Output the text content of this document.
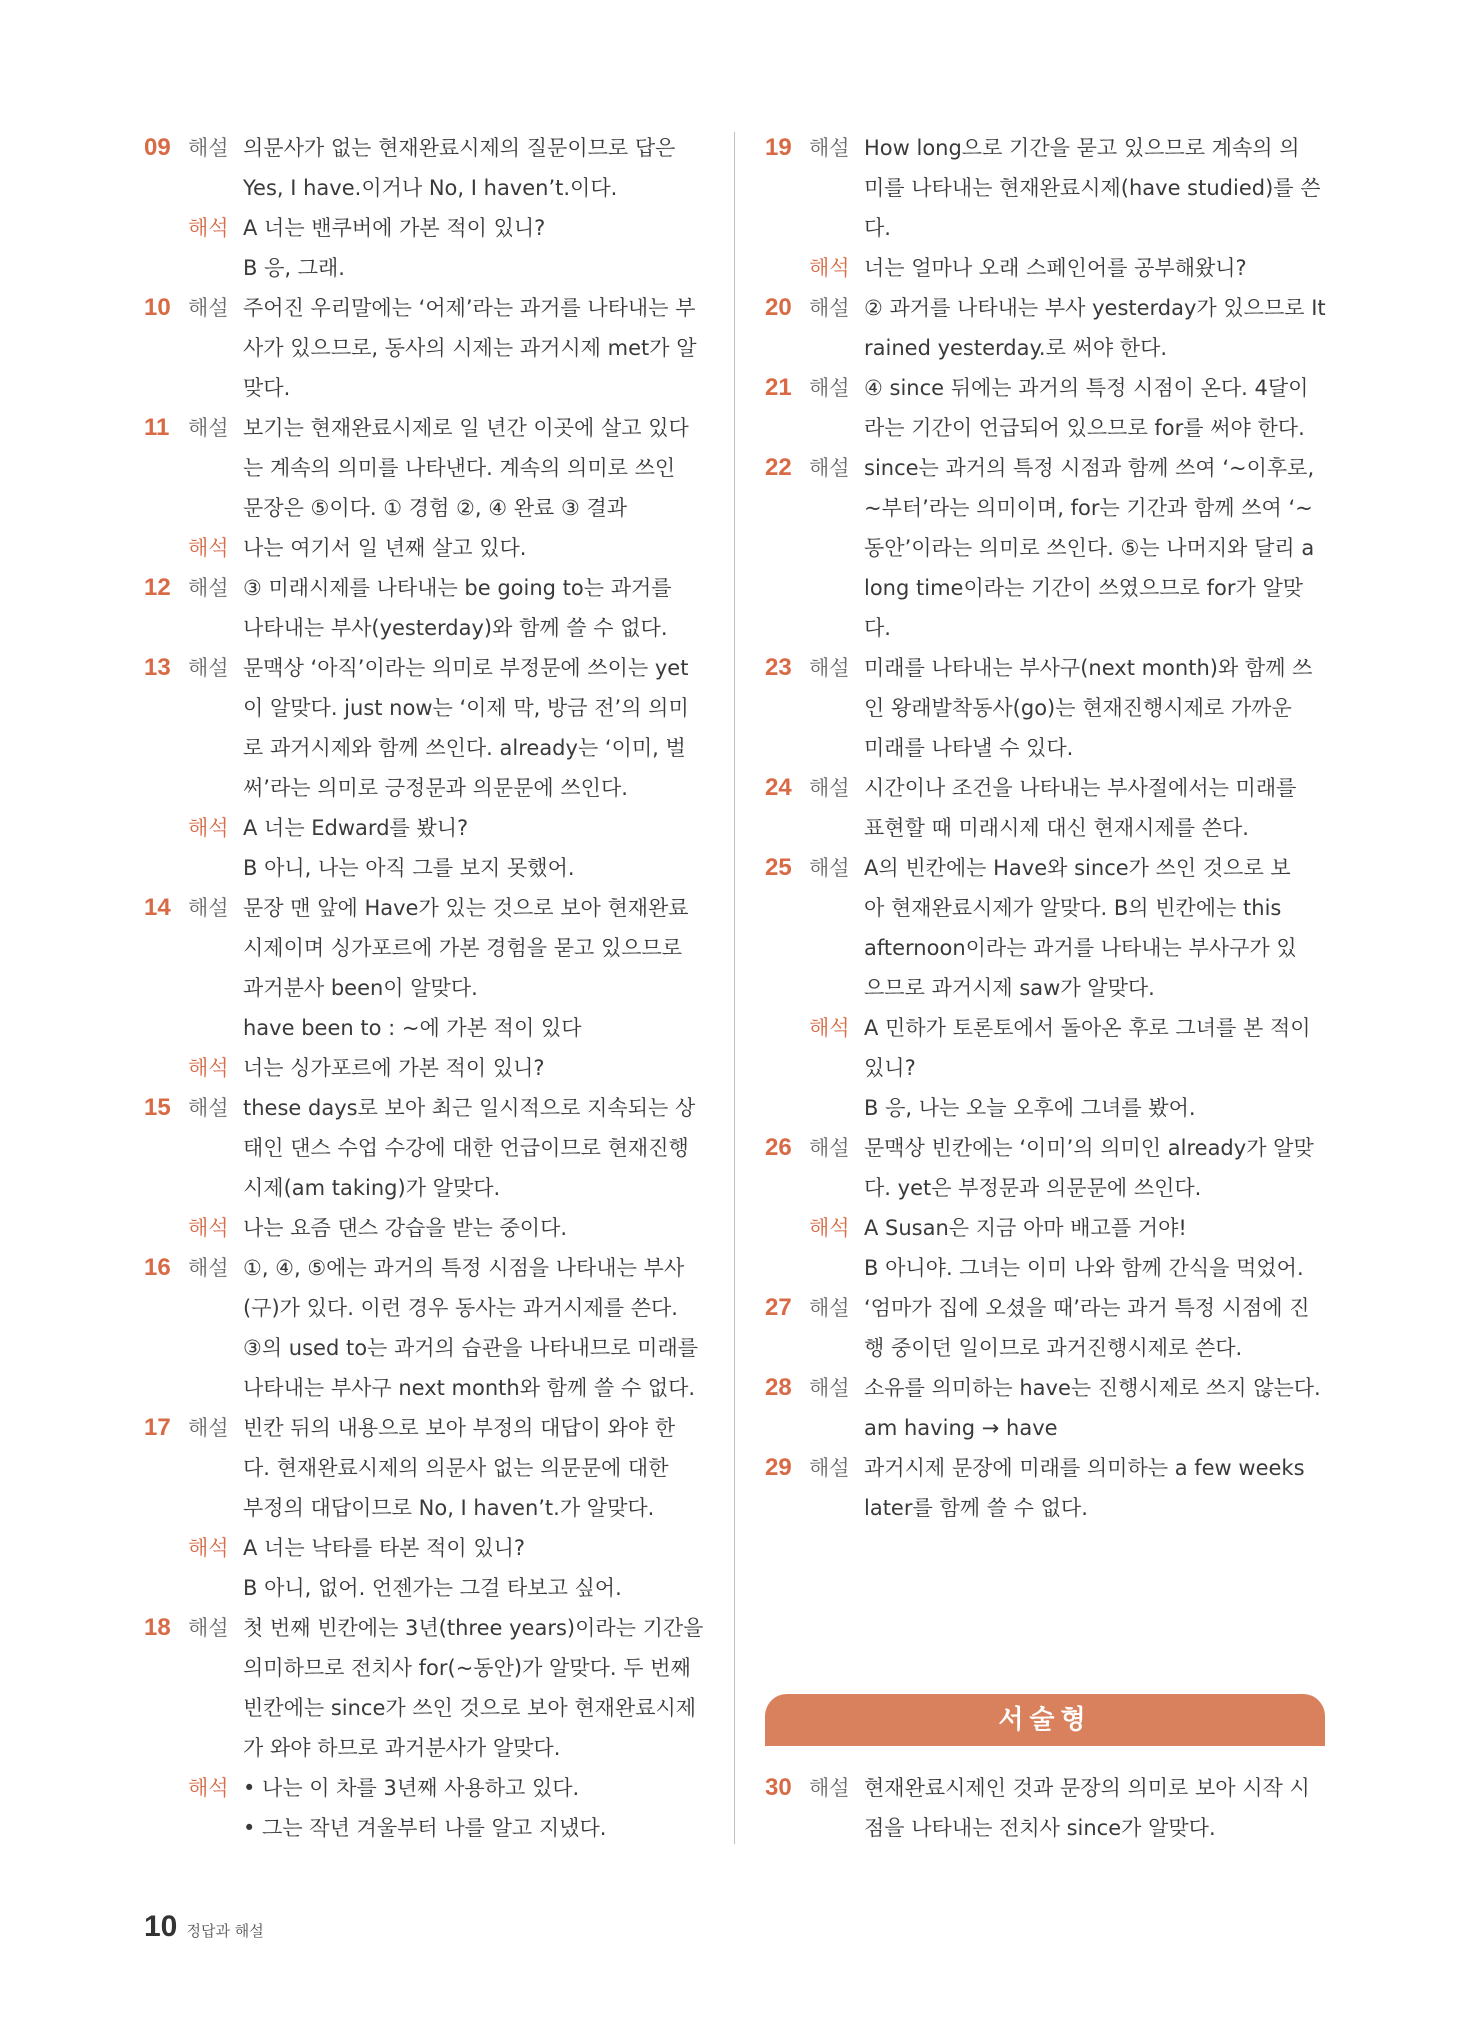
09 해설 의문사가 없는 현재완료시제의 질문이므로 답은
Yes, I have.이거나 No, I haven’t.이다.
해석 A 너는 밴쿠버에 가본 적이 있니?
B 응, 그래.
10 해설 주어진 우리말에는 ‘어제’라는 과거를 나타내는 부
사가 있으므로, 동사의 시제는 과거시제 met가 알
맞다.
11 해설 보기는 현재완료시제로 일 년간 이곳에 살고 있다
는 계속의 의미를 나타낸다. 계속의 의미로 쓰인
문장은 ⑤이다. ① 경험 ②, ④ 완료 ③ 결과
해석 나는 여기서 일 년째 살고 있다.
12 해설 ③ 미래시제를 나타내는 be going to는 과거를
나타내는 부사(yesterday)와 함께 쓸 수 없다.
13 해설 문맥상 ‘아직’이라는 의미로 부정문에 쓰이는 yet
이 알맞다. just now는 ‘이제 막, 방금 전’의 의미
로 과거시제와 함께 쓰인다. already는 ‘이미, 벌
써’라는 의미로 긍정문과 의문문에 쓰인다.
해석 A 너는 Edward를 봤니?
B 아니, 나는 아직 그를 보지 못했어.
14 해설 문장 맨 앞에 Have가 있는 것으로 보아 현재완료
시제이며 싱가포르에 가본 경험을 묻고 있으므로
과거분사 been이 알맞다.
have been to : ~에 가본 적이 있다
해석 너는 싱가포르에 가본 적이 있니?
15 해설 these days로 보아 최근 일시적으로 지속되는 상
태인 댄스 수업 수강에 대한 언급이므로 현재진행
시제(am taking)가 알맞다.
해석 나는 요즘 댄스 강습을 받는 중이다.
16 해설 ①, ④, ⑤에는 과거의 특정 시점을 나타내는 부사
(구)가 있다. 이런 경우 동사는 과거시제를 쓴다.
③의 used to는 과거의 습관을 나타내므로 미래를
나타내는 부사구 next month와 함께 쓸 수 없다.
17 해설 빈칸 뒤의 내용으로 보아 부정의 대답이 와야 한
다. 현재완료시제의 의문사 없는 의문문에 대한
부정의 대답이므로 No, I haven’t.가 알맞다.
해석 A 너는 낙타를 타본 적이 있니?
B 아니, 없어. 언젠가는 그걸 타보고 싶어.
18 해설 첫 번째 빈칸에는 3년(three years)이라는 기간을
의미하므로 전치사 for(~동안)가 알맞다. 두 번째
빈칸에는 since가 쓰인 것으로 보아 현재완료시제
가 와야 하므로 과거분사가 알맞다.
해석 • 나는 이 차를 3년째 사용하고 있다.
• 그는 작년 겨울부터 나를 알고 지냈다.
19 해설 How long으로 기간을 묻고 있으므로 계속의 의
미를 나타내는 현재완료시제(have studied)를 쓴
다.
해석 너는 얼마나 오래 스페인어를 공부해왔니?
20 해설 ② 과거를 나타내는 부사 yesterday가 있으므로 It
rained yesterday.로 써야 한다.
21 해설 ④ since 뒤에는 과거의 특정 시점이 온다. 4달이
라는 기간이 언급되어 있으므로 for를 써야 한다.
22 해설 since는 과거의 특정 시점과 함께 쓰여 ‘~이후로,
~부터’라는 의미이며, for는 기간과 함께 쓰여 ‘~
동안’이라는 의미로 쓰인다. ⑤는 나머지와 달리 a
long time이라는 기간이 쓰였으므로 for가 알맞
다.
23 해설 미래를 나타내는 부사구(next month)와 함께 쓰
인 왕래발착동사(go)는 현재진행시제로 가까운
미래를 나타낼 수 있다.
24 해설 시간이나 조건을 나타내는 부사절에서는 미래를
표현할 때 미래시제 대신 현재시제를 쓴다.
25 해설 A의 빈칸에는 Have와 since가 쓰인 것으로 보
아 현재완료시제가 알맞다. B의 빈칸에는 this
afternoon이라는 과거를 나타내는 부사구가 있
으므로 과거시제 saw가 알맞다.
해석 A 민하가 토론토에서 돌아온 후로 그녀를 본 적이
있니?
B 응, 나는 오늘 오후에 그녀를 봤어.
26 해설 문맥상 빈칸에는 ‘이미’의 의미인 already가 알맞
다. yet은 부정문과 의문문에 쓰인다.
해석 A Susan은 지금 아마 배고플 거야!
B 아니야. 그녀는 이미 나와 함께 간식을 먹었어.
27 해설 ‘엄마가 집에 오셨을 때’라는 과거 특정 시점에 진
행 중이던 일이므로 과거진행시제로 쓴다.
28 해설 소유를 의미하는 have는 진행시제로 쓰지 않는다.
am having → have
29 해설 과거시제 문장에 미래를 의미하는 a few weeks
later를 함께 쓸 수 없다.
서술형
30 해설 현재완료시제인 것과 문장의 의미로 보아 시작 시
점을 나타내는 전치사 since가 알맞다.
10 정답과 해설
